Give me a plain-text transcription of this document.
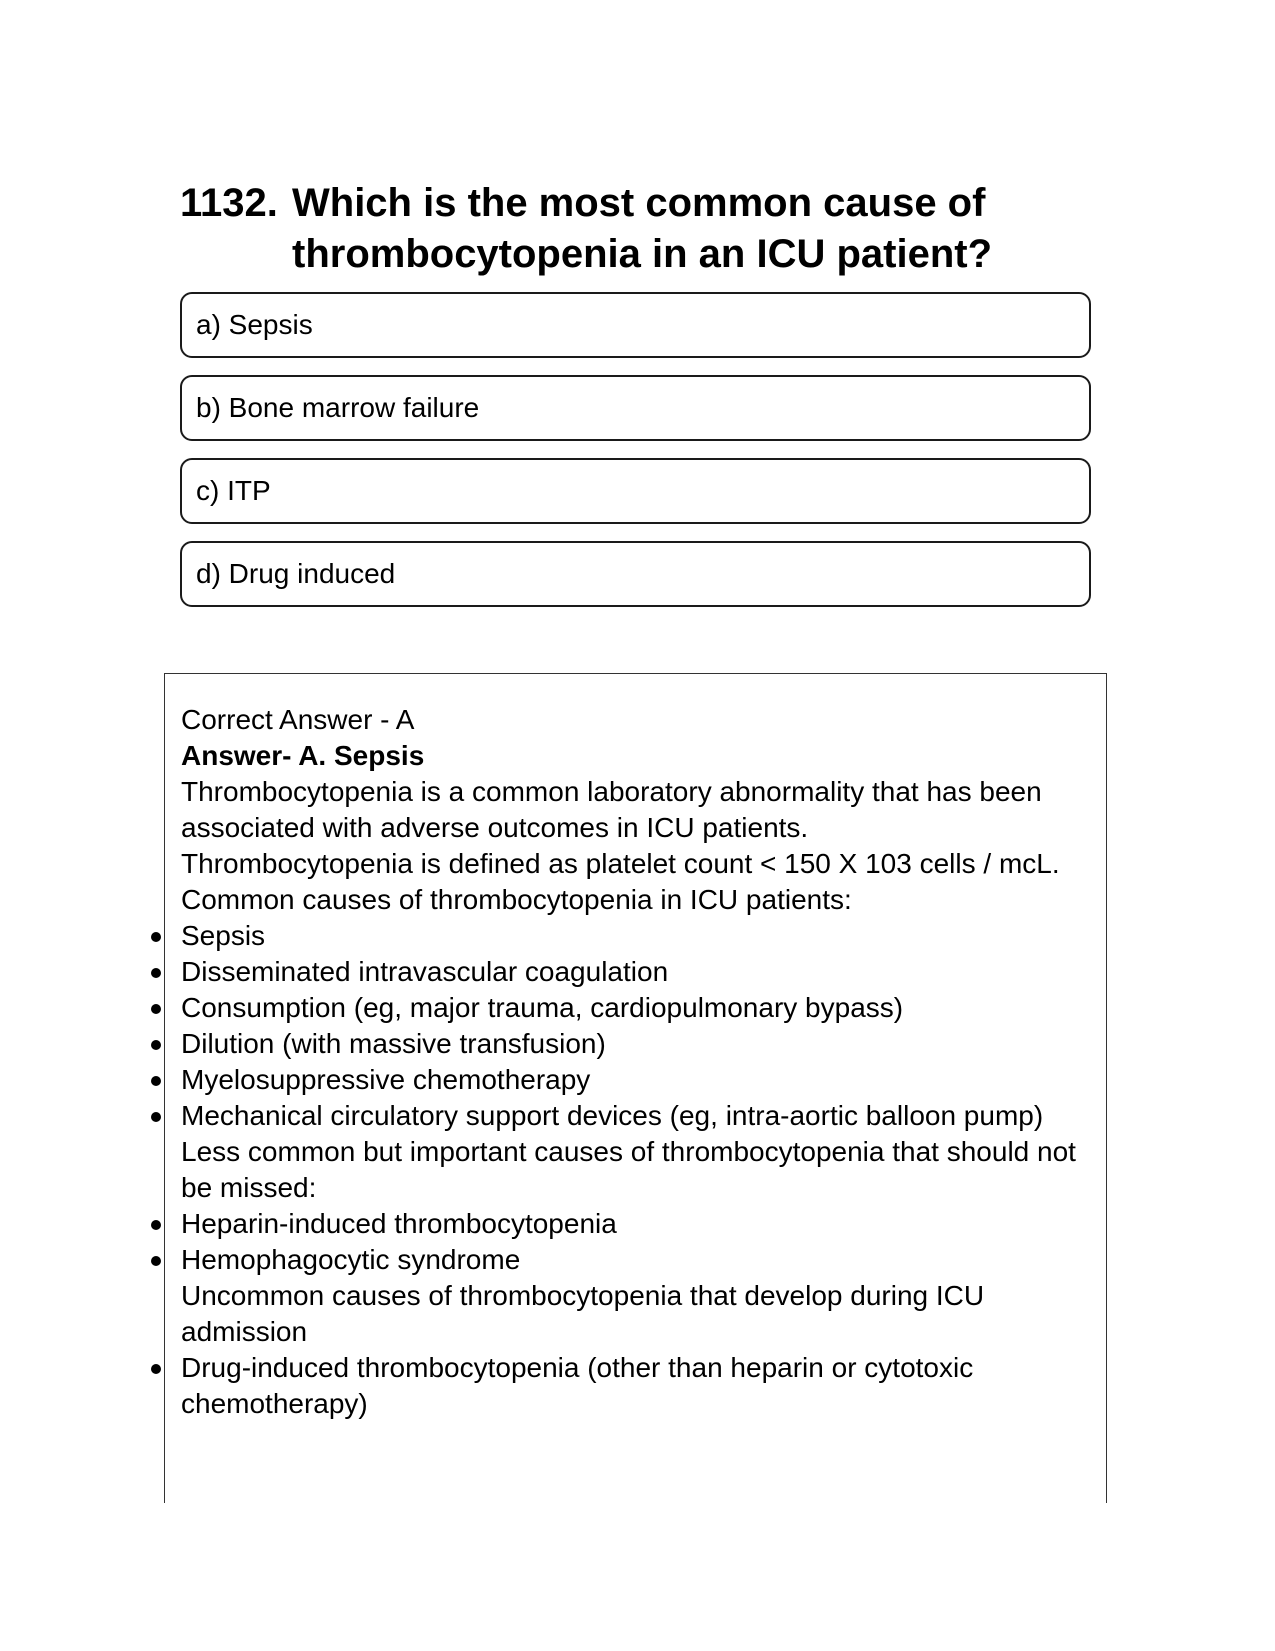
1132. Which is the most common cause of thrombocytopenia in an ICU patient?
a) Sepsis
b) Bone marrow failure
c) ITP
d) Drug induced

Correct Answer - A

Answer- A. Sepsis

Thrombocytopenia is a common laboratory abnormality that has been associated with adverse outcomes in ICU patients.

Thrombocytopenia is defined as platelet count < 150 X 103 cells / mcL.

Common causes of thrombocytopenia in ICU patients:

Sepsis

Disseminated intravascular coagulation

Consumption (eg, major trauma, cardiopulmonary bypass)

Dilution (with massive transfusion)

Myelosuppressive chemotherapy

Mechanical circulatory support devices (eg, intra-aortic balloon pump)

Less common but important causes of thrombocytopenia that should not be missed:

Heparin-induced thrombocytopenia

Hemophagocytic syndrome

Uncommon causes of thrombocytopenia that develop during ICU admission

Drug-induced thrombocytopenia (other than heparin or cytotoxic chemotherapy)
